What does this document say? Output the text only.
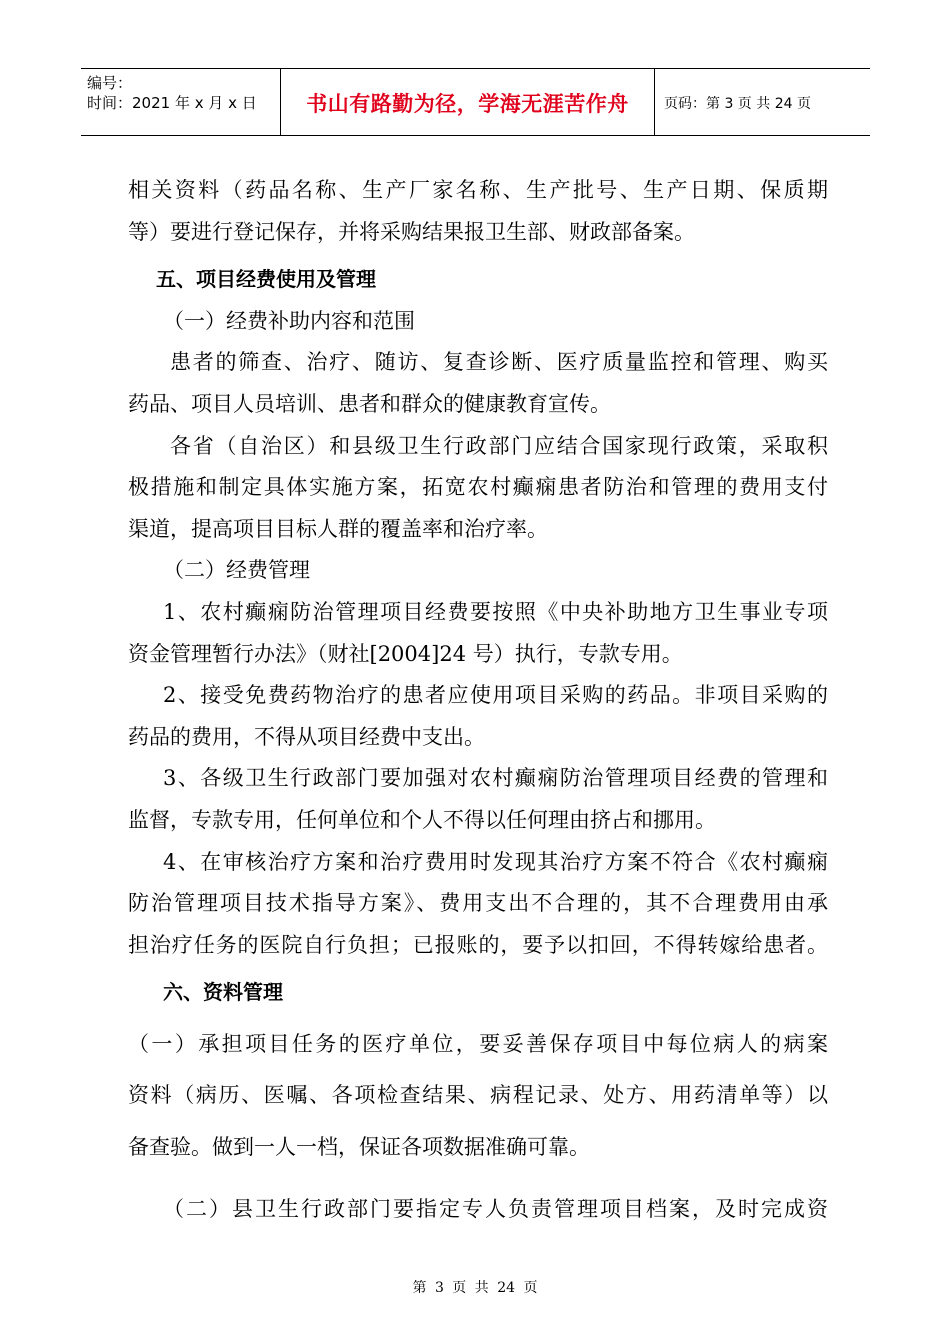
编号：
时间：2021 年 x 月 x 日	书山有路勤为径，学海无涯苦作舟	页码：第 3 页 共 24 页
相关资料（药品名称、生产厂家名称、生产批号、生产日期、保质期
等）要进行登记保存，并将采购结果报卫生部、财政部备案。
五、项目经费使用及管理
（一）经费补助内容和范围
患者的筛查、治疗、随访、复查诊断、医疗质量监控和管理、购买
药品、项目人员培训、患者和群众的健康教育宣传。
各省（自治区）和县级卫生行政部门应结合国家现行政策，采取积
极措施和制定具体实施方案，拓宽农村癫痫患者防治和管理的费用支付
渠道，提高项目目标人群的覆盖率和治疗率。
（二）经费管理
1、农村癫痫防治管理项目经费要按照《中央补助地方卫生事业专项
资金管理暂行办法》（财社[2004]24 号）执行，专款专用。
2、接受免费药物治疗的患者应使用项目采购的药品。非项目采购的
药品的费用，不得从项目经费中支出。
3、各级卫生行政部门要加强对农村癫痫防治管理项目经费的管理和
监督，专款专用，任何单位和个人不得以任何理由挤占和挪用。
4、在审核治疗方案和治疗费用时发现其治疗方案不符合《农村癫痫
防治管理项目技术指导方案》、费用支出不合理的，其不合理费用由承
担治疗任务的医院自行负担；已报账的，要予以扣回，不得转嫁给患者。
六、资料管理
（一）承担项目任务的医疗单位，要妥善保存项目中每位病人的病案
资料（病历、医嘱、各项检查结果、病程记录、处方、用药清单等）以
备查验。做到一人一档，保证各项数据准确可靠。
（二）县卫生行政部门要指定专人负责管理项目档案，及时完成资
第 3 页 共 24 页
